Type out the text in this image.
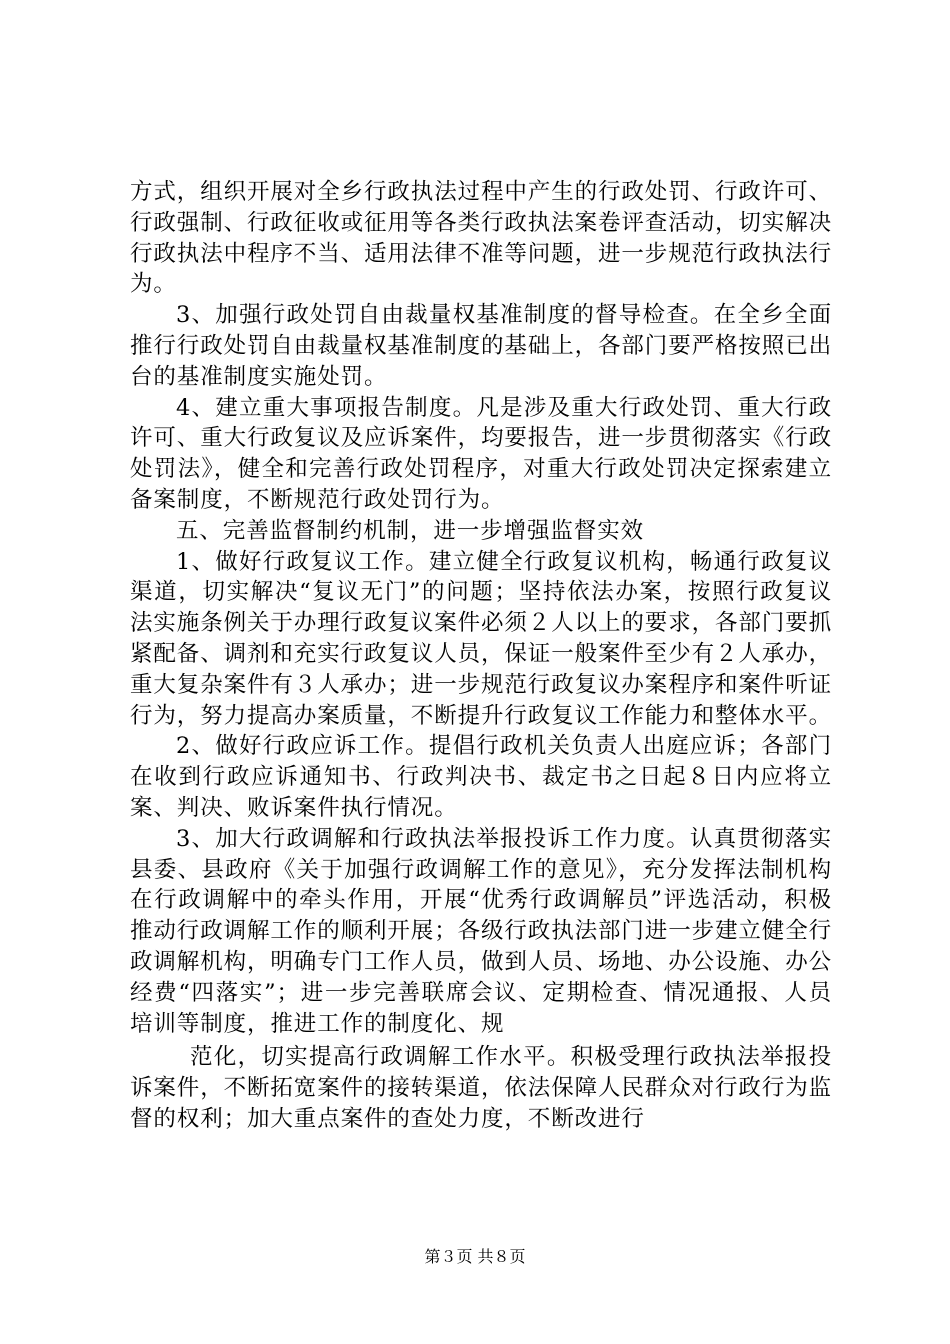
方式，组织开展对全乡行政执法过程中产生的行政处罚、行政许可、行政强制、行政征收或征用等各类行政执法案卷评查活动，切实解决行政执法中程序不当、适用法律不准等问题，进一步规范行政执法行为。

3、加强行政处罚自由裁量权基准制度的督导检查。在全乡全面推行行政处罚自由裁量权基准制度的基础上，各部门要严格按照已出台的基准制度实施处罚。

4、建立重大事项报告制度。凡是涉及重大行政处罚、重大行政许可、重大行政复议及应诉案件，均要报告，进一步贯彻落实《行政处罚法》，健全和完善行政处罚程序，对重大行政处罚决定探索建立备案制度，不断规范行政处罚行为。

五、完善监督制约机制，进一步增强监督实效

1、做好行政复议工作。建立健全行政复议机构，畅通行政复议渠道，切实解决“复议无门”的问题；坚持依法办案，按照行政复议法实施条例关于办理行政复议案件必须２人以上的要求，各部门要抓紧配备、调剂和充实行政复议人员，保证一般案件至少有２人承办，重大复杂案件有３人承办；进一步规范行政复议办案程序和案件听证行为，努力提高办案质量，不断提升行政复议工作能力和整体水平。

2、做好行政应诉工作。提倡行政机关负责人出庭应诉；各部门在收到行政应诉通知书、行政判决书、裁定书之日起８日内应将立案、判决、败诉案件执行情况。

3、加大行政调解和行政执法举报投诉工作力度。认真贯彻落实县委、县政府《关于加强行政调解工作的意见》，充分发挥法制机构在行政调解中的牵头作用，开展“优秀行政调解员”评选活动，积极推动行政调解工作的顺利开展；各级行政执法部门进一步建立健全行政调解机构，明确专门工作人员，做到人员、场地、办公设施、办公经费“四落实”；进一步完善联席会议、定期检查、情况通报、人员培训等制度，推进工作的制度化、规

范化，切实提高行政调解工作水平。积极受理行政执法举报投诉案件，不断拓宽案件的接转渠道，依法保障人民群众对行政行为监督的权利；加大重点案件的查处力度，不断改进行

第３页 共８页
